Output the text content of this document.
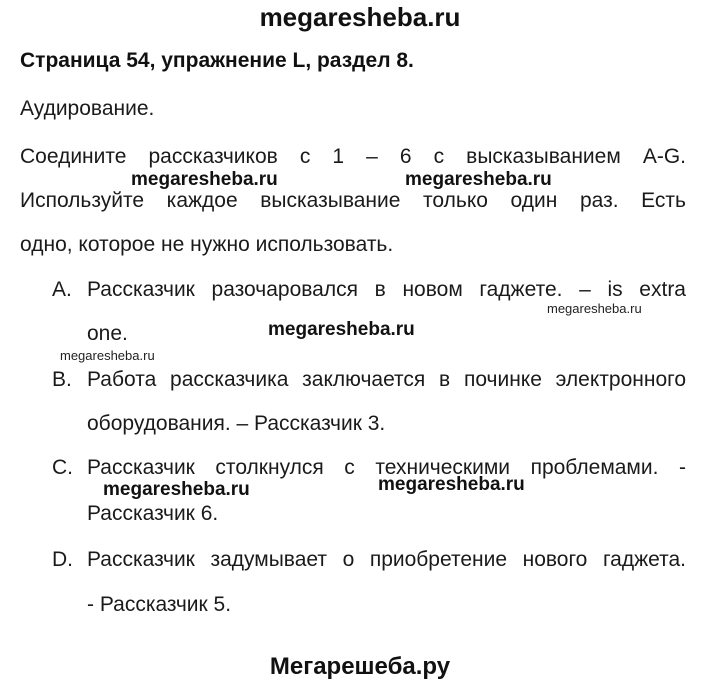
megaresheba.ru
Страница 54, упражнение L, раздел 8.
Аудирование.
Соедините рассказчиков с 1 – 6 с высказыванием A-G.
Используйте каждое высказывание только один раз. Есть
одно, которое не нужно использовать.
megaresheba.ru	megaresheba.ru
A. Рассказчик разочаровался в новом гаджете. – is extra
megaresheba.ru
one.	megaresheba.ru
megaresheba.ru
B. Работа рассказчика заключается в починке электронного
оборудования. – Рассказчик 3.
C. Рассказчик столкнулся с техническими проблемами. -
megaresheba.ru	megaresheba.ru
Рассказчик 6.
D. Рассказчик задумывает о приобретение нового гаджета.
- Рассказчик 5.
Мегарешеба.ру
